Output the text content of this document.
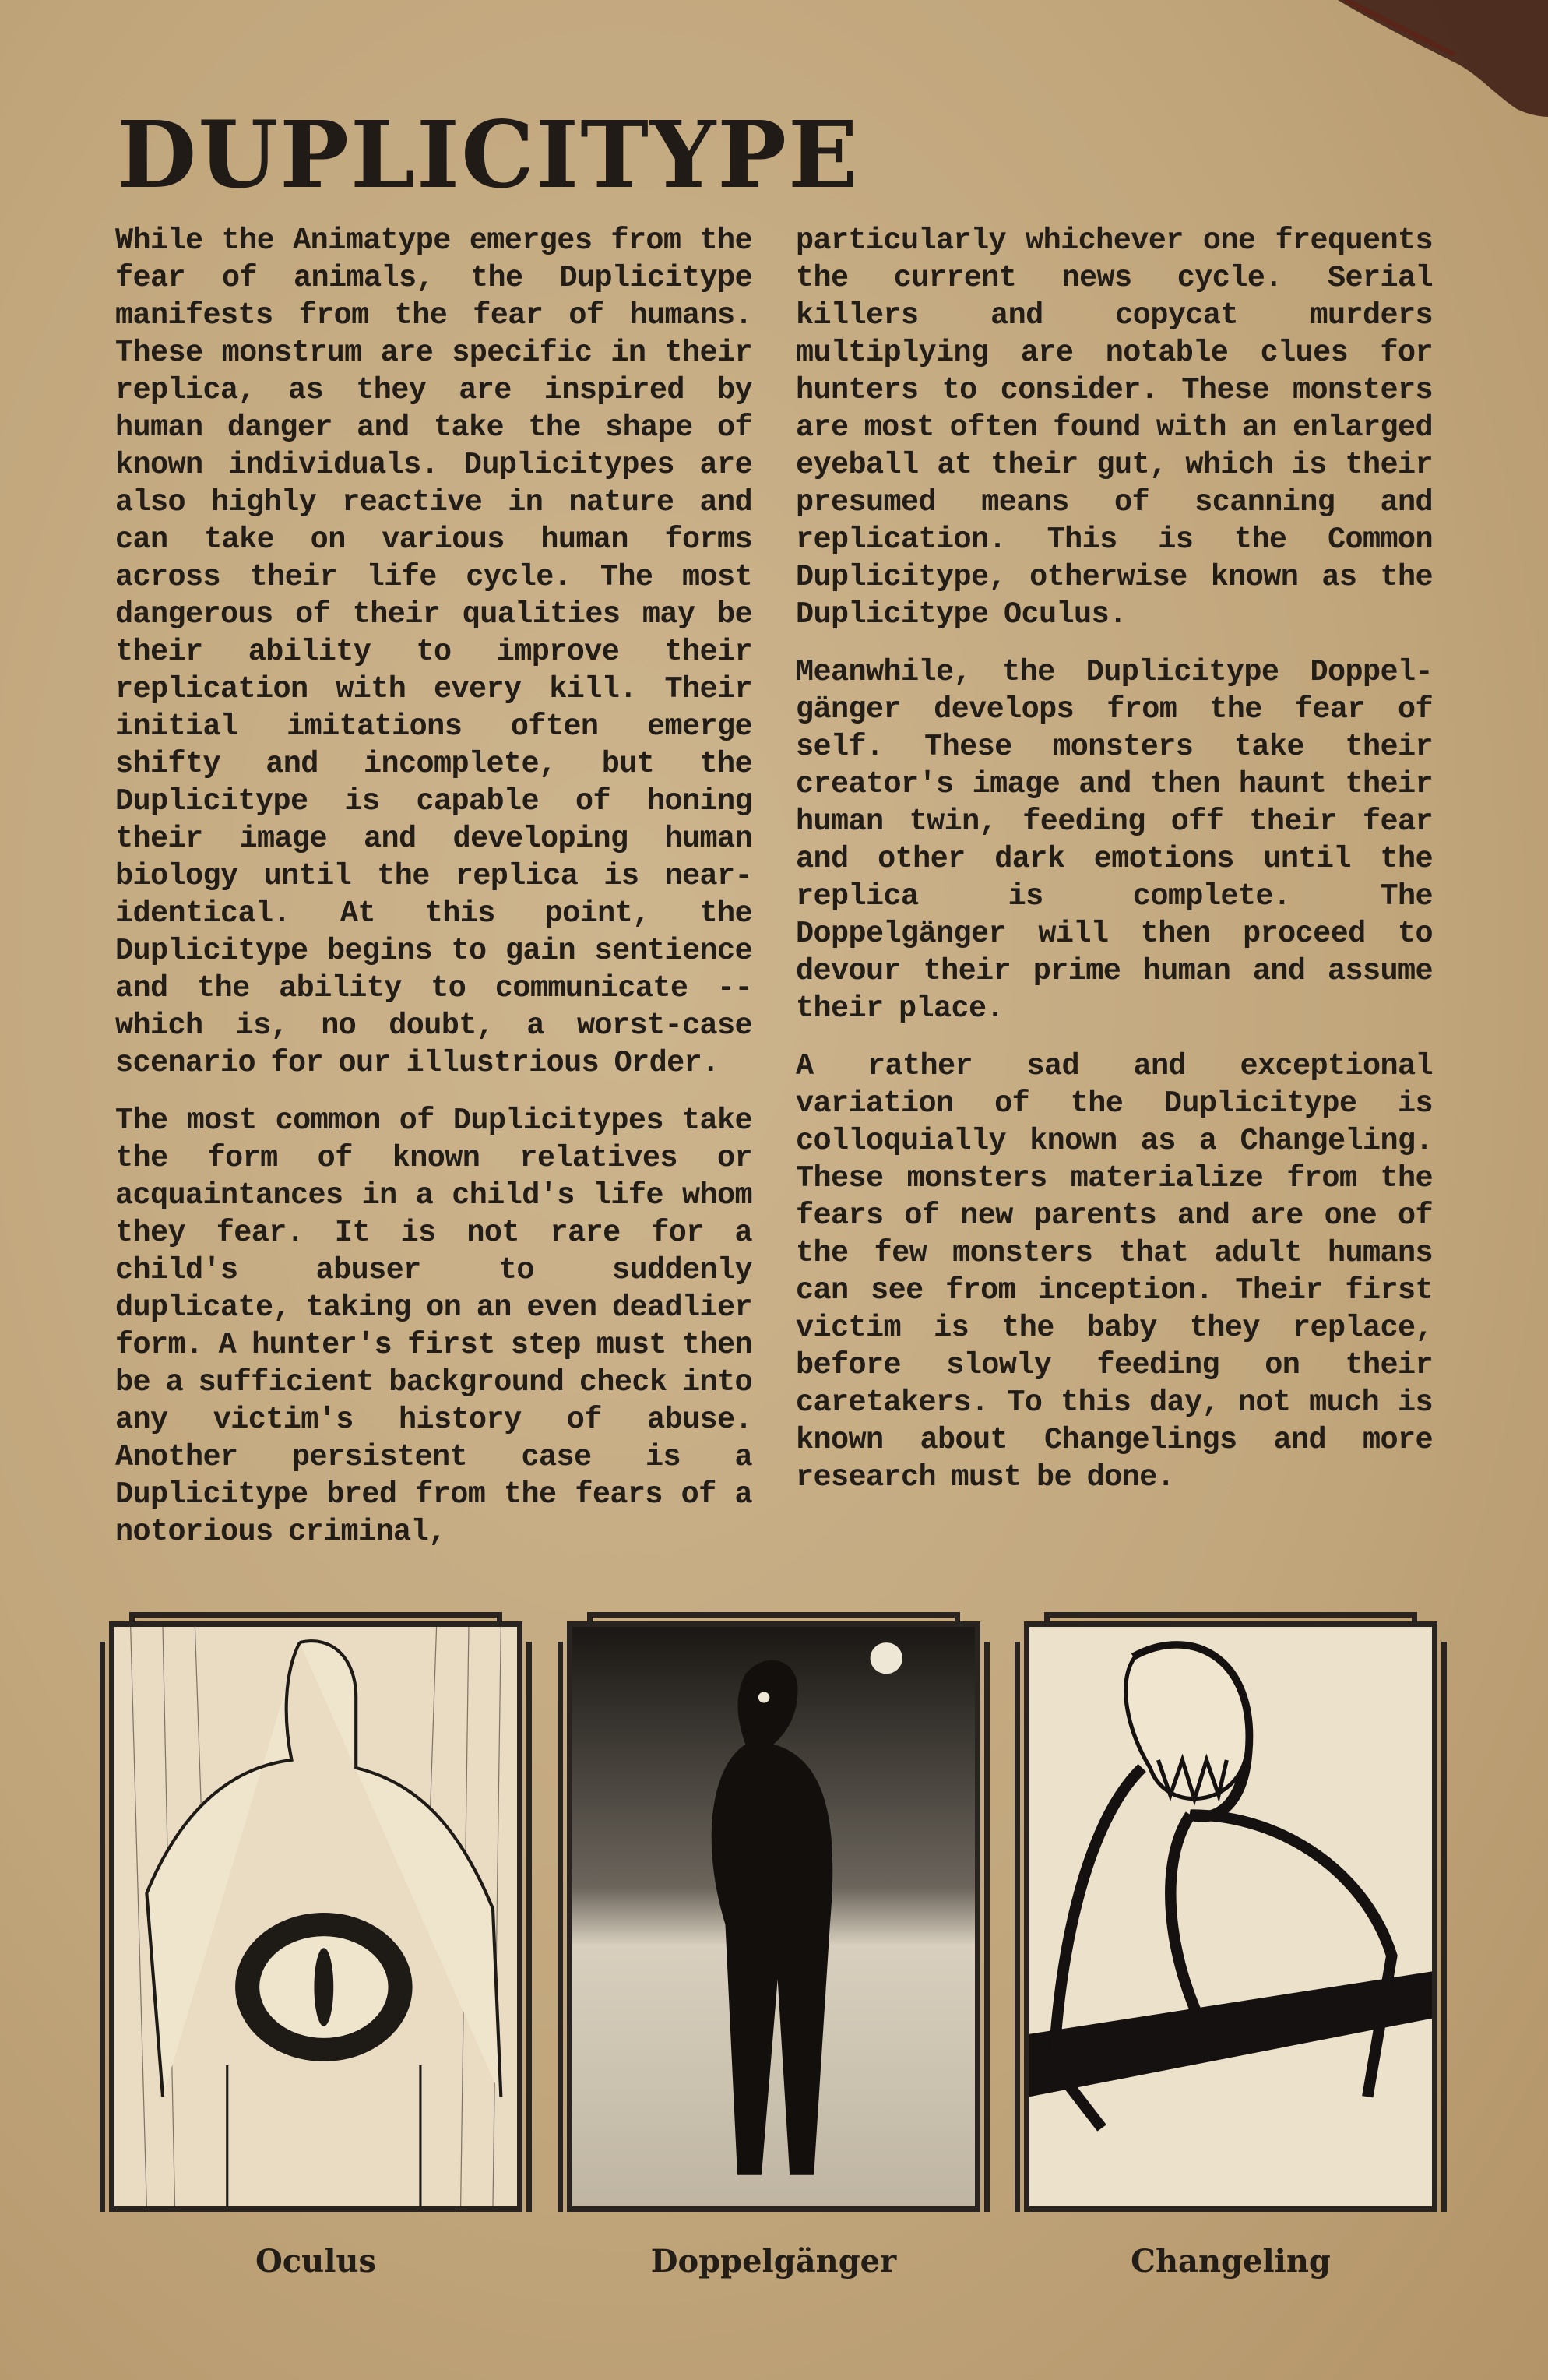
DUPLICITYPE

While the Animatype emerges from the fear of animals, the Duplicitype manifests from the fear of humans. These monstrum are specific in their replica, as they are inspired by human danger and take the shape of known individuals. Duplicitypes are also highly reactive in nature and can take on various human forms across their life cycle. The most dangerous of their qualities may be their ability to improve their replication with every kill. Their initial imitations often emerge shifty and incomplete, but the Duplicitype is capable of honing their image and developing human biology until the replica is near-identical. At this point, the Duplicitype begins to gain sentience and the ability to communicate -- which is, no doubt, a worst-case scenario for our illustrious Order.

The most common of Duplicitypes take the form of known relatives or acquaintances in a child's life whom they fear. It is not rare for a child's abuser to suddenly duplicate, taking on an even deadlier form. A hunter's first step must then be a sufficient background check into any victim's history of abuse. Another persistent case is a Duplicitype bred from the fears of a notorious criminal,

particularly whichever one frequents the current news cycle. Serial killers and copycat murders multiplying are notable clues for hunters to consider. These monsters are most often found with an enlarged eyeball at their gut, which is their presumed means of scanning and replication. This is the Common Duplicitype, otherwise known as the Duplicitype Oculus.

Meanwhile, the Duplicitype Doppel-gänger develops from the fear of self. These monsters take their creator's image and then haunt their human twin, feeding off their fear and other dark emotions until the replica is complete. The Doppelgänger will then proceed to devour their prime human and assume their place.

A rather sad and exceptional variation of the Duplicitype is colloquially known as a Changeling. These monsters materialize from the fears of new parents and are one of the few monsters that adult humans can see from inception. Their first victim is the baby they replace, before slowly feeding on their caretakers. To this day, not much is known about Changelings and more research must be done.

Oculus	Doppelgänger	Changeling
